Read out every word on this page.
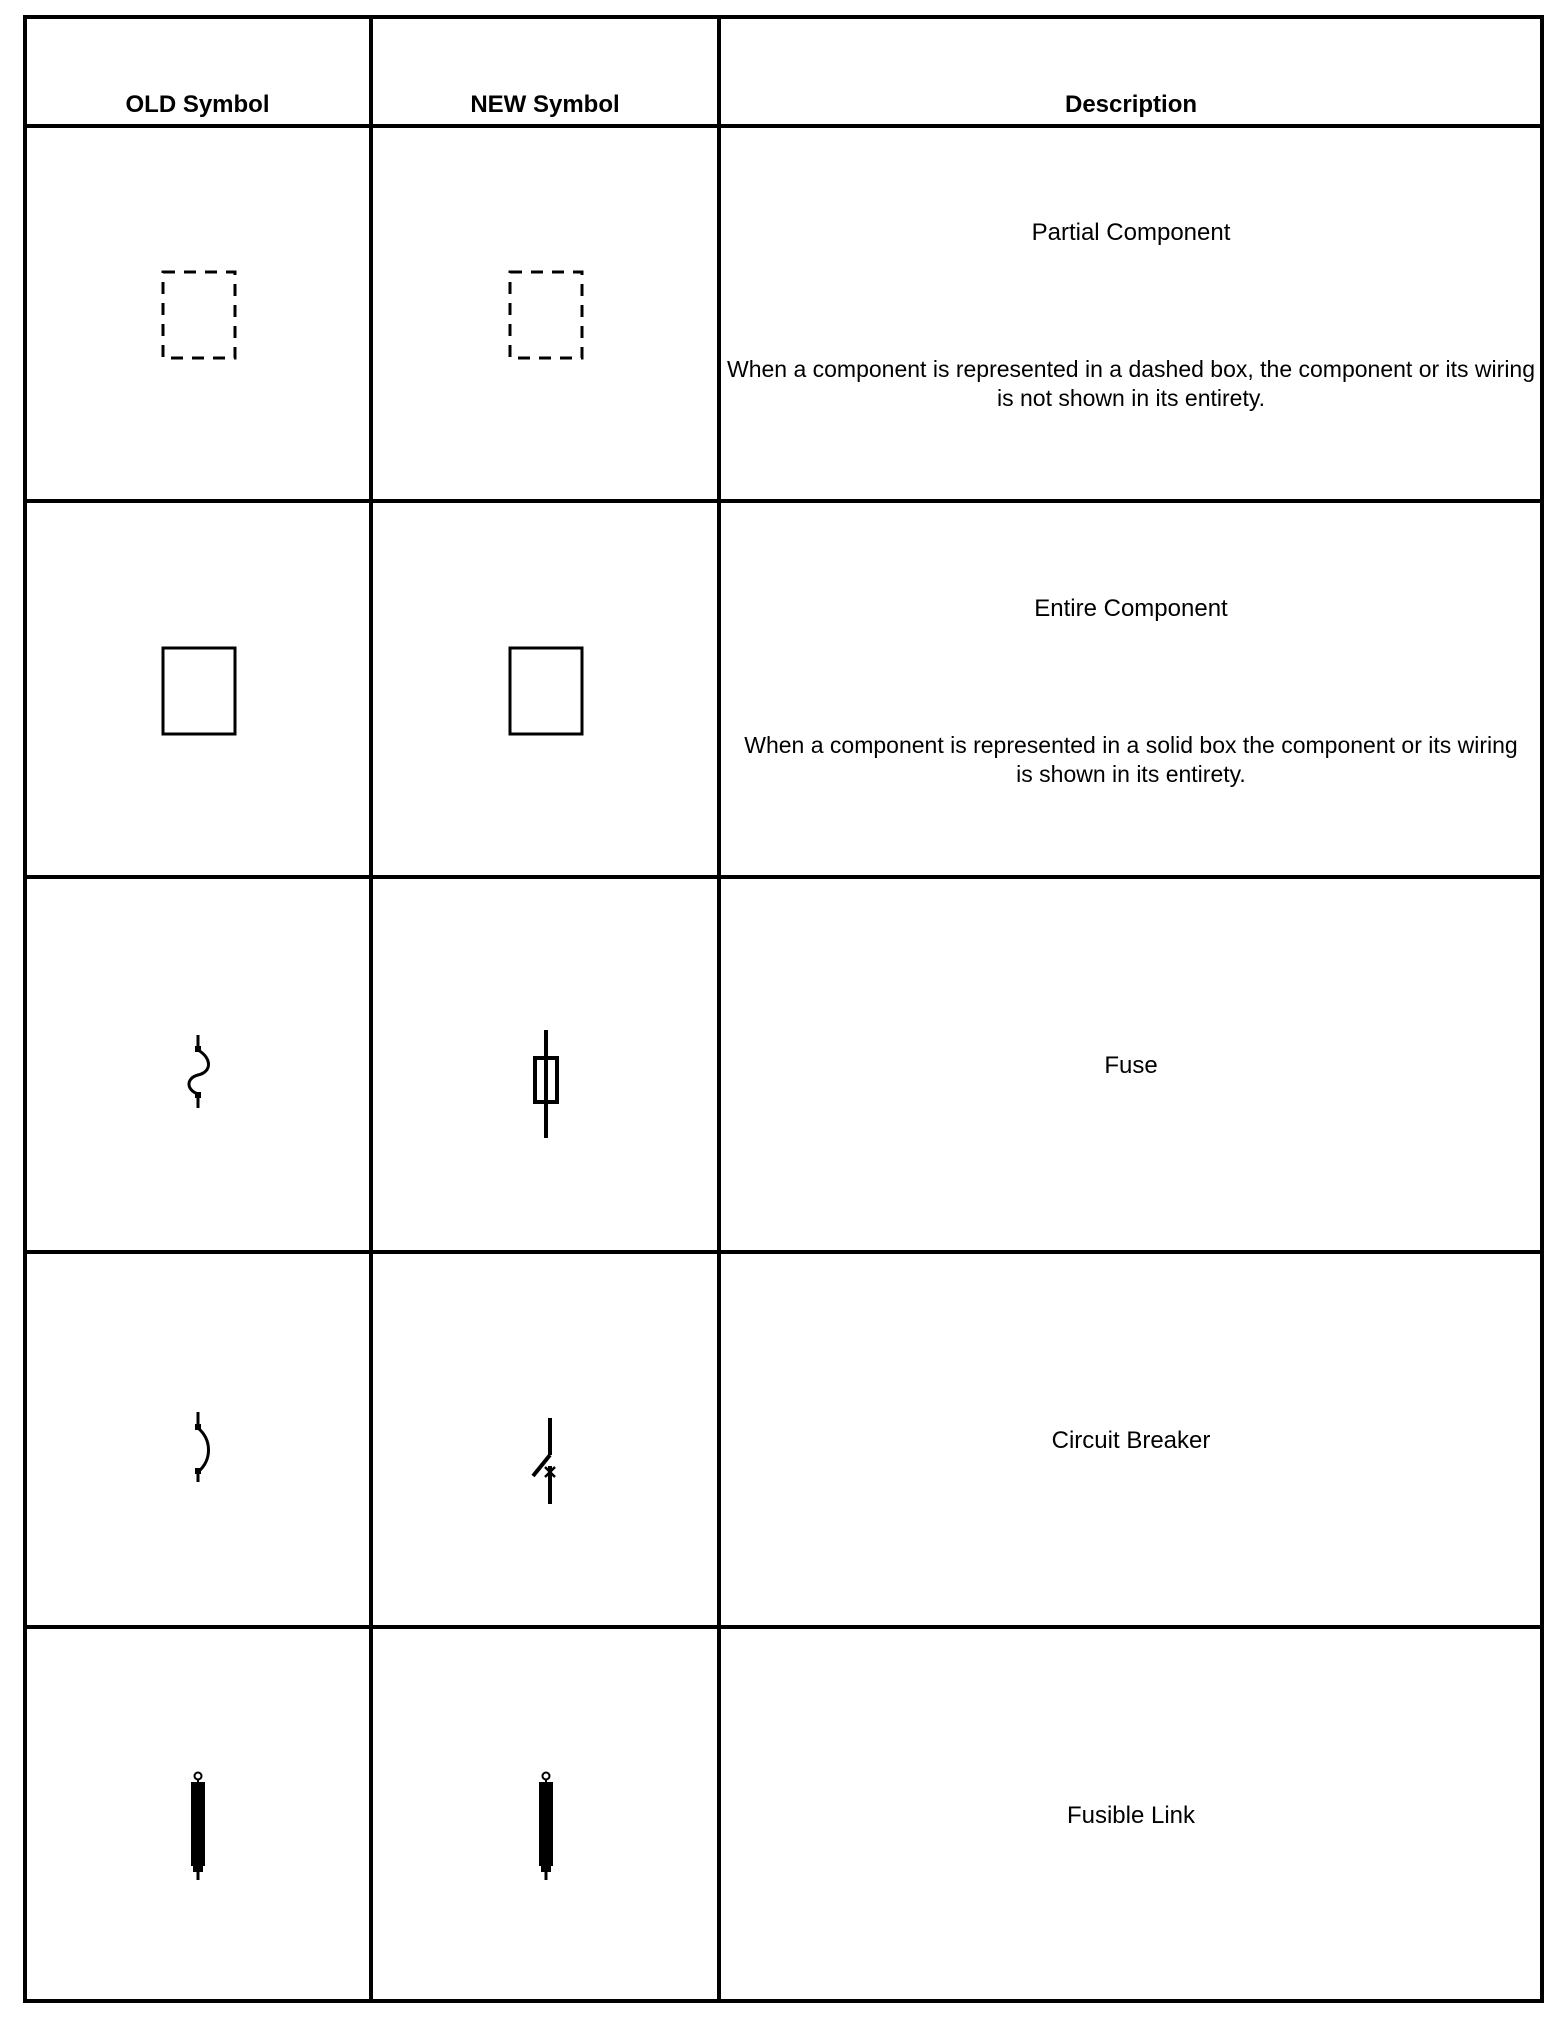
OLD Symbol	NEW Symbol	Description
Partial Component
When a component is represented in a dashed box, the component or its wiring is not shown in its entirety.
Entire Component
When a component is represented in a solid box the component or its wiring is shown in its entirety.
Fuse
Circuit Breaker
Fusible Link
